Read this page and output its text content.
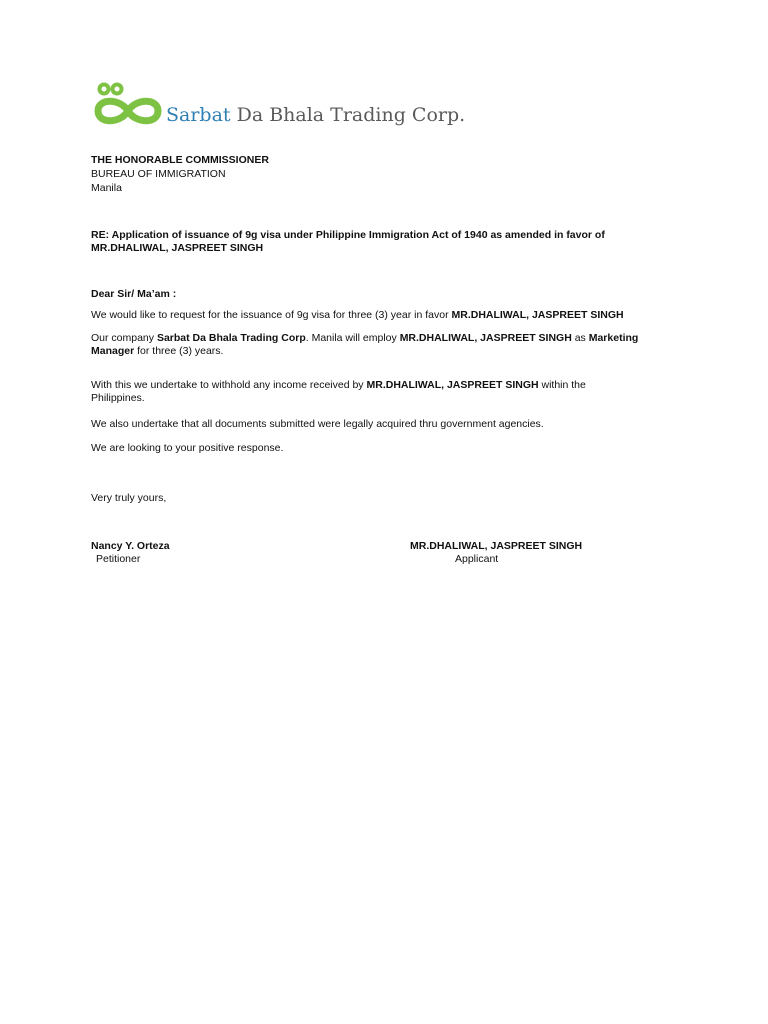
Sarbat Da Bhala Trading Corp.
THE HONORABLE COMMISSIONER
BUREAU OF IMMIGRATION
Manila
RE: Application of issuance of 9g visa under Philippine Immigration Act of 1940 as amended in favor of
MR.DHALIWAL, JASPREET SINGH
Dear Sir/ Ma’am :
We would like to request for the issuance of 9g visa for three (3) year in favor MR.DHALIWAL, JASPREET SINGH
Our company Sarbat Da Bhala Trading Corp. Manila will employ MR.DHALIWAL, JASPREET SINGH as Marketing
Manager for three (3) years.
With this we undertake to withhold any income received by MR.DHALIWAL, JASPREET SINGH within the
Philippines.
We also undertake that all documents submitted were legally acquired thru government agencies.
We are looking to your positive response.
Very truly yours,
Nancy Y. Orteza
Petitioner
MR.DHALIWAL, JASPREET SINGH
Applicant
